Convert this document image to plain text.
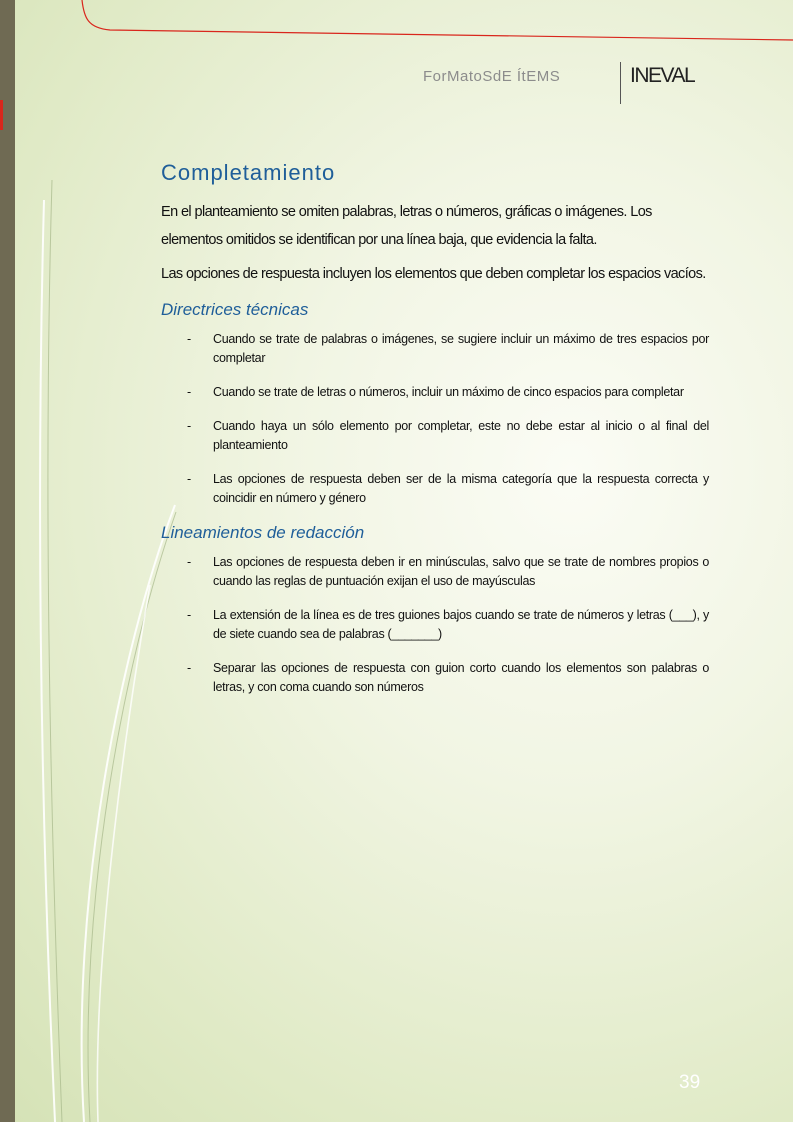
ForMatoSdE ÍtEMS	INEVAL
Completamiento

En el planteamiento se omiten palabras, letras o números, gráficas o imágenes. Los elementos omitidos se identifican por una línea baja, que evidencia la falta.

Las opciones de respuesta incluyen los elementos que deben completar los espacios vacíos.

Directrices técnicas
- Cuando se trate de palabras o imágenes, se sugiere incluir un máximo de tres espacios por completar
- Cuando se trate de letras o números, incluir un máximo de cinco espacios para completar
- Cuando haya un sólo elemento por completar, este no debe estar al inicio o al final del planteamiento
- Las opciones de respuesta deben ser de la misma categoría que la respuesta correcta y coincidir en número y género
Lineamientos de redacción
- Las opciones de respuesta deben ir en minúsculas, salvo que se trate de nombres propios o cuando las reglas de puntuación exijan el uso de mayúsculas
- La extensión de la línea es de tres guiones bajos cuando se trate de números y letras (___), y de siete cuando sea de palabras (_______)
- Separar las opciones de respuesta con guion corto cuando los elementos son palabras o letras, y con coma cuando son números
39
